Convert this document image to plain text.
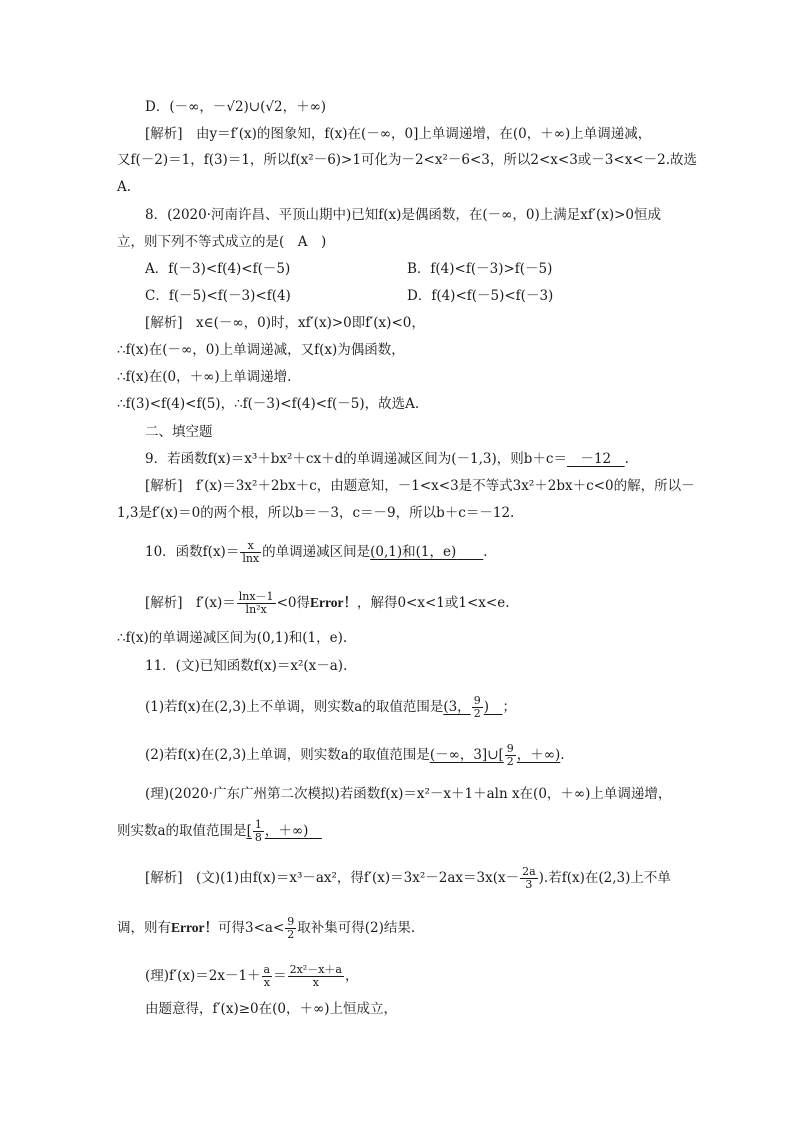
D．(－∞，－√2)∪(√2，＋∞)
[解析]　由y＝f′(x)的图象知，f(x)在(－∞，0]上单调递增，在(0，＋∞)上单调递减，
又f(－2)＝1，f(3)＝1，所以f(x²－6)>1可化为－2<x²－6<3，所以2<x<3或－3<x<－2.故选
A.
8．(2020·河南许昌、平顶山期中)已知f(x)是偶函数，在(－∞，0)上满足xf′(x)>0恒成
立，则下列不等式成立的是(　A　)
A．f(－3)<f(4)<f(－5)	B．f(4)<f(－3)>f(－5)
C．f(－5)<f(－3)<f(4)	D．f(4)<f(－5)<f(－3)
[解析]　x∈(－∞，0)时，xf′(x)>0即f′(x)<0，
∴f(x)在(－∞，0)上单调递减，又f(x)为偶函数，
∴f(x)在(0，＋∞)上单调递增.
∴f(3)<f(4)<f(5)，∴f(－3)<f(4)<f(－5)，故选A.
二、填空题
9．若函数f(x)＝x³＋bx²＋cx＋d的单调递减区间为(－1,3)，则b＋c＝　 －12　 .
[解析]　f′(x)＝3x²＋2bx＋c，由题意知，－1<x<3是不等式3x²＋2bx＋c<0的解，所以－
1,3是f′(x)＝0的两个根，所以b＝－3，c＝－9，所以b＋c＝－12.
10．函数$f(x)= \frac{x}{\ln x}$ 的单调递减区间是(0,1)和(1，e)　　 .
[解析]　$f'(x)= \frac{\ln x-1}{\text{ln²x}} <0$得Error！，解得0<x<1或1<x<e.
∴f(x)的单调递减区间为(0,1)和(1，e).
11．(文)已知函数f(x)＝x²(x－a).
(1)若f(x)在(2,3)上不单调，则实数a的取值范围是(3， $\frac{9}{2}$ )　 ；
(2)若f(x)在(2,3)上单调，则实数a的取值范围是(－∞，3]∪[ $\frac{9}{2}$ ，＋∞).
(理)(2020·广东广州第二次模拟)若函数f(x)＝x²－x＋1＋aln x在(0，＋∞)上单调递增，
则实数a的取值范围是[ $\frac{1}{8}$ ，＋∞)　
[解析]　(文)(1)由f(x)＝x³－ax²，得$f'(x)=3x^2-2ax=3x(x- \frac{2a}{3}$ ).若f(x)在(2,3)上不单
调，则有Error！可得$3<a< \frac{9}{2}$ 取补集可得(2)结果.
(理)$f'(x)=2x-1+ \frac{a}{x} = \frac{\text{2x²－x＋a}}{x}$ ，
由题意得，f′(x)≥0在(0，＋∞)上恒成立，
